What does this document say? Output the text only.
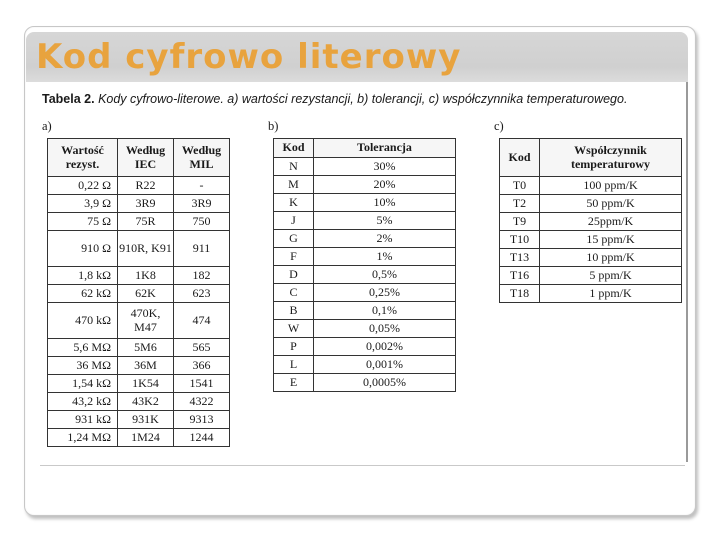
Kod cyfrowo literowy
Tabela 2. Kody cyfrowo-literowe. a) wartości rezystancji, b) tolerancji, c) współczynnika temperaturowego.
a)	b)	c)
Wartość rezyst.	Według IEC	Według MIL
0,22 Ω	R22	-
3,9 Ω	3R9	3R9
75 Ω	75R	750
910 Ω	910R, K91	911
1,8 kΩ	1K8	182
62 kΩ	62K	623
470 kΩ	470K, M47	474
5,6 MΩ	5M6	565
36 MΩ	36M	366
1,54 kΩ	1K54	1541
43,2 kΩ	43K2	4322
931 kΩ	931K	9313
1,24 MΩ	1M24	1244
Kod	Tolerancja
N	30%
M	20%
K	10%
J	5%
G	2%
F	1%
D	0,5%
C	0,25%
B	0,1%
W	0,05%
P	0,002%
L	0,001%
E	0,0005%
Kod	Współczynnik temperaturowy
T0	100 ppm/K
T2	50 ppm/K
T9	25ppm/K
T10	15 ppm/K
T13	10 ppm/K
T16	5 ppm/K
T18	1 ppm/K
